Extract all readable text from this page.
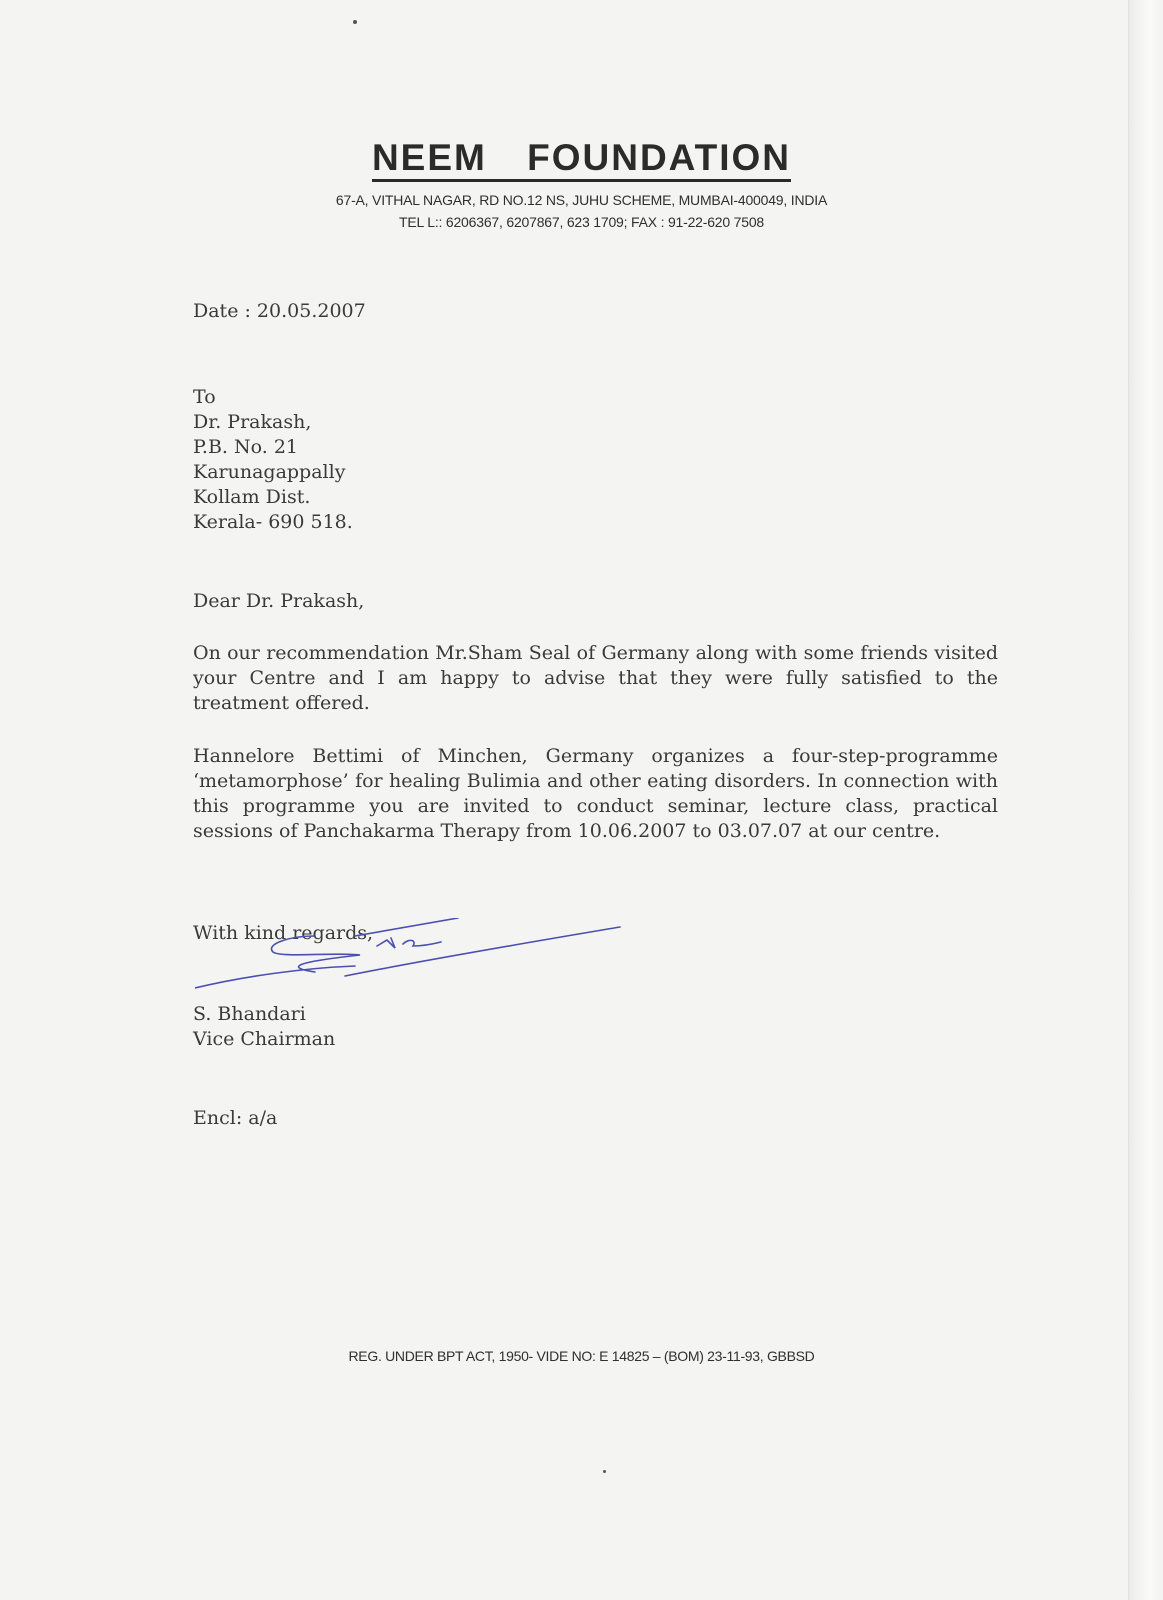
NEEM FOUNDATION
67-A, VITHAL NAGAR, RD NO.12 NS, JUHU SCHEME, MUMBAI-400049, INDIA
TEL L:: 6206367, 6207867, 623 1709; FAX : 91-22-620 7508
Date : 20.05.2007
To
Dr. Prakash,
P.B. No. 21
Karunagappally
Kollam Dist.
Kerala- 690 518.
Dear Dr. Prakash,

On our recommendation Mr.Sham Seal of Germany along with some friends visited your Centre and I am happy to advise that they were fully satisfied to the treatment offered.

Hannelore Bettimi of Minchen, Germany organizes a four-step-programme ‘metamorphose’ for healing Bulimia and other eating disorders. In connection with this programme you are invited to conduct seminar, lecture class, practical sessions of Panchakarma Therapy from 10.06.2007 to 03.07.07 at our centre.

With kind regards,
S. Bhandari
Vice Chairman
Encl: a/a
REG. UNDER BPT ACT, 1950- VIDE NO: E 14825 – (BOM) 23-11-93, GBBSD
